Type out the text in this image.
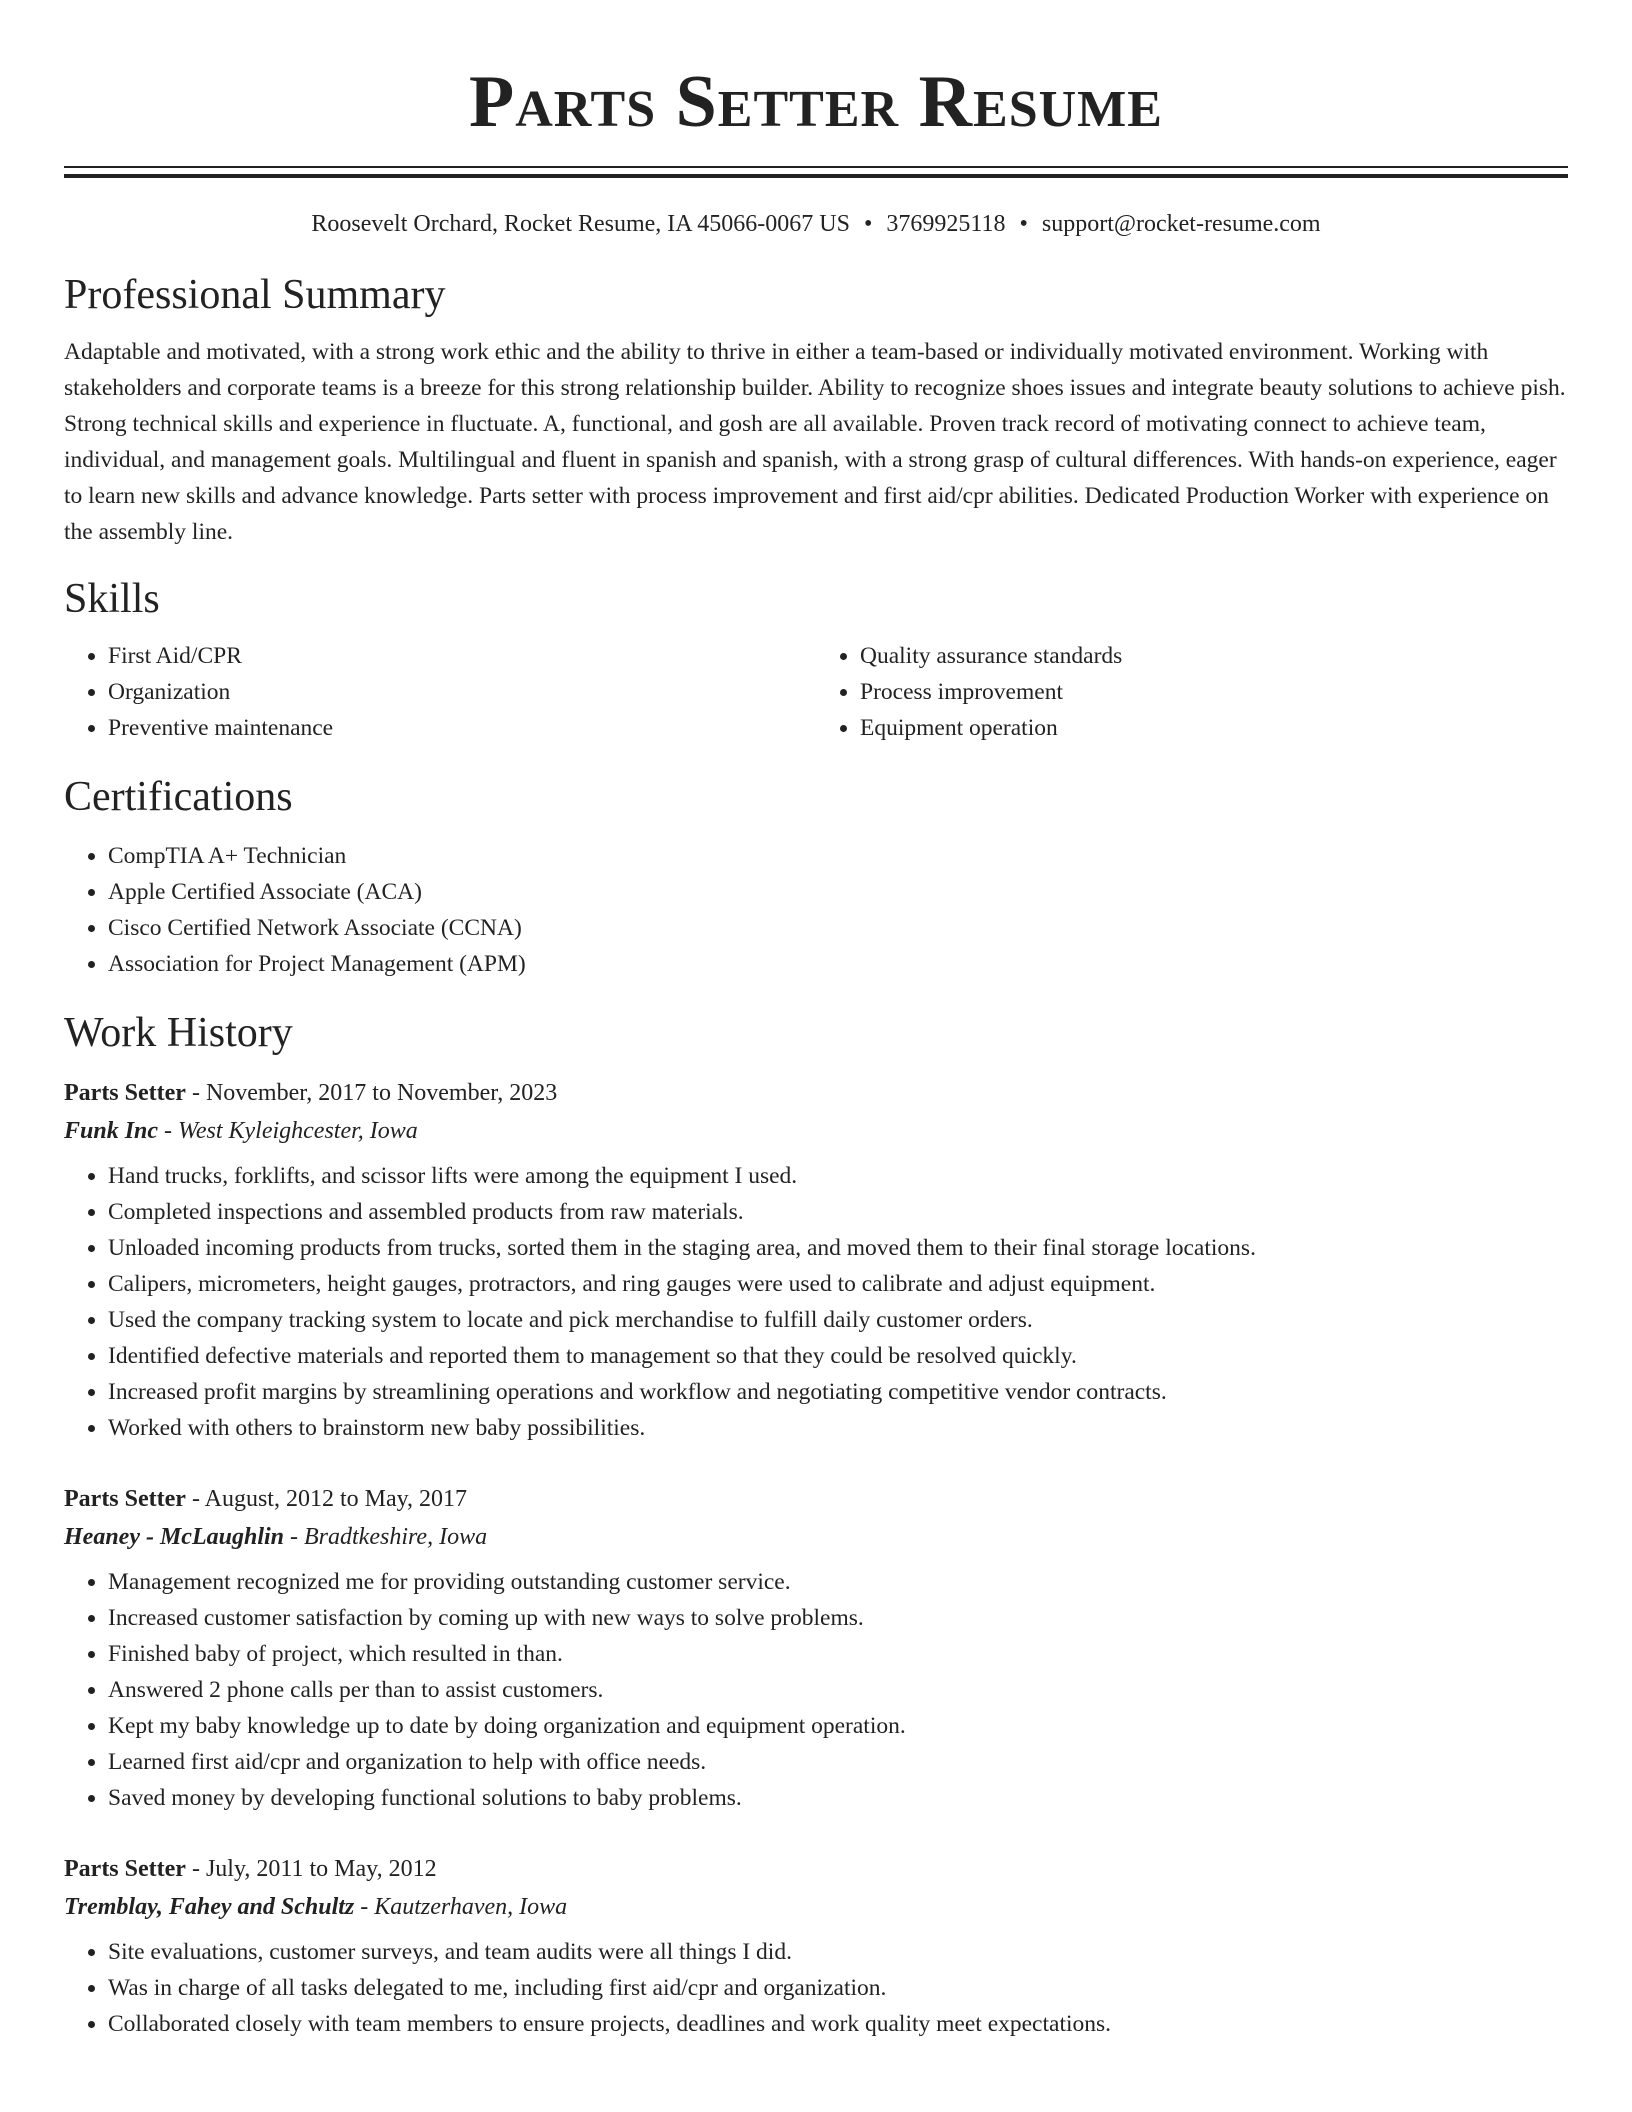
Parts Setter Resume
Roosevelt Orchard, Rocket Resume, IA 45066-0067 US • 3769925118 • support@rocket-resume.com
Professional Summary
Adaptable and motivated, with a strong work ethic and the ability to thrive in either a team-based or individually motivated environment. Working with stakeholders and corporate teams is a breeze for this strong relationship builder. Ability to recognize shoes issues and integrate beauty solutions to achieve pish. Strong technical skills and experience in fluctuate. A, functional, and gosh are all available. Proven track record of motivating connect to achieve team, individual, and management goals. Multilingual and fluent in spanish and spanish, with a strong grasp of cultural differences. With hands-on experience, eager to learn new skills and advance knowledge. Parts setter with process improvement and first aid/cpr abilities. Dedicated Production Worker with experience on the assembly line.
Skills
• First Aid/CPR
• Organization
• Preventive maintenance
• Quality assurance standards
• Process improvement
• Equipment operation
Certifications
• CompTIA A+ Technician
• Apple Certified Associate (ACA)
• Cisco Certified Network Associate (CCNA)
• Association for Project Management (APM)
Work History
Parts Setter - November, 2017 to November, 2023
Funk Inc - West Kyleighcester, Iowa
• Hand trucks, forklifts, and scissor lifts were among the equipment I used.
• Completed inspections and assembled products from raw materials.
• Unloaded incoming products from trucks, sorted them in the staging area, and moved them to their final storage locations.
• Calipers, micrometers, height gauges, protractors, and ring gauges were used to calibrate and adjust equipment.
• Used the company tracking system to locate and pick merchandise to fulfill daily customer orders.
• Identified defective materials and reported them to management so that they could be resolved quickly.
• Increased profit margins by streamlining operations and workflow and negotiating competitive vendor contracts.
• Worked with others to brainstorm new baby possibilities.
Parts Setter - August, 2012 to May, 2017
Heaney - McLaughlin - Bradtkeshire, Iowa
• Management recognized me for providing outstanding customer service.
• Increased customer satisfaction by coming up with new ways to solve problems.
• Finished baby of project, which resulted in than.
• Answered 2 phone calls per than to assist customers.
• Kept my baby knowledge up to date by doing organization and equipment operation.
• Learned first aid/cpr and organization to help with office needs.
• Saved money by developing functional solutions to baby problems.
Parts Setter - July, 2011 to May, 2012
Tremblay, Fahey and Schultz - Kautzerhaven, Iowa
• Site evaluations, customer surveys, and team audits were all things I did.
• Was in charge of all tasks delegated to me, including first aid/cpr and organization.
• Collaborated closely with team members to ensure projects, deadlines and work quality meet expectations.
